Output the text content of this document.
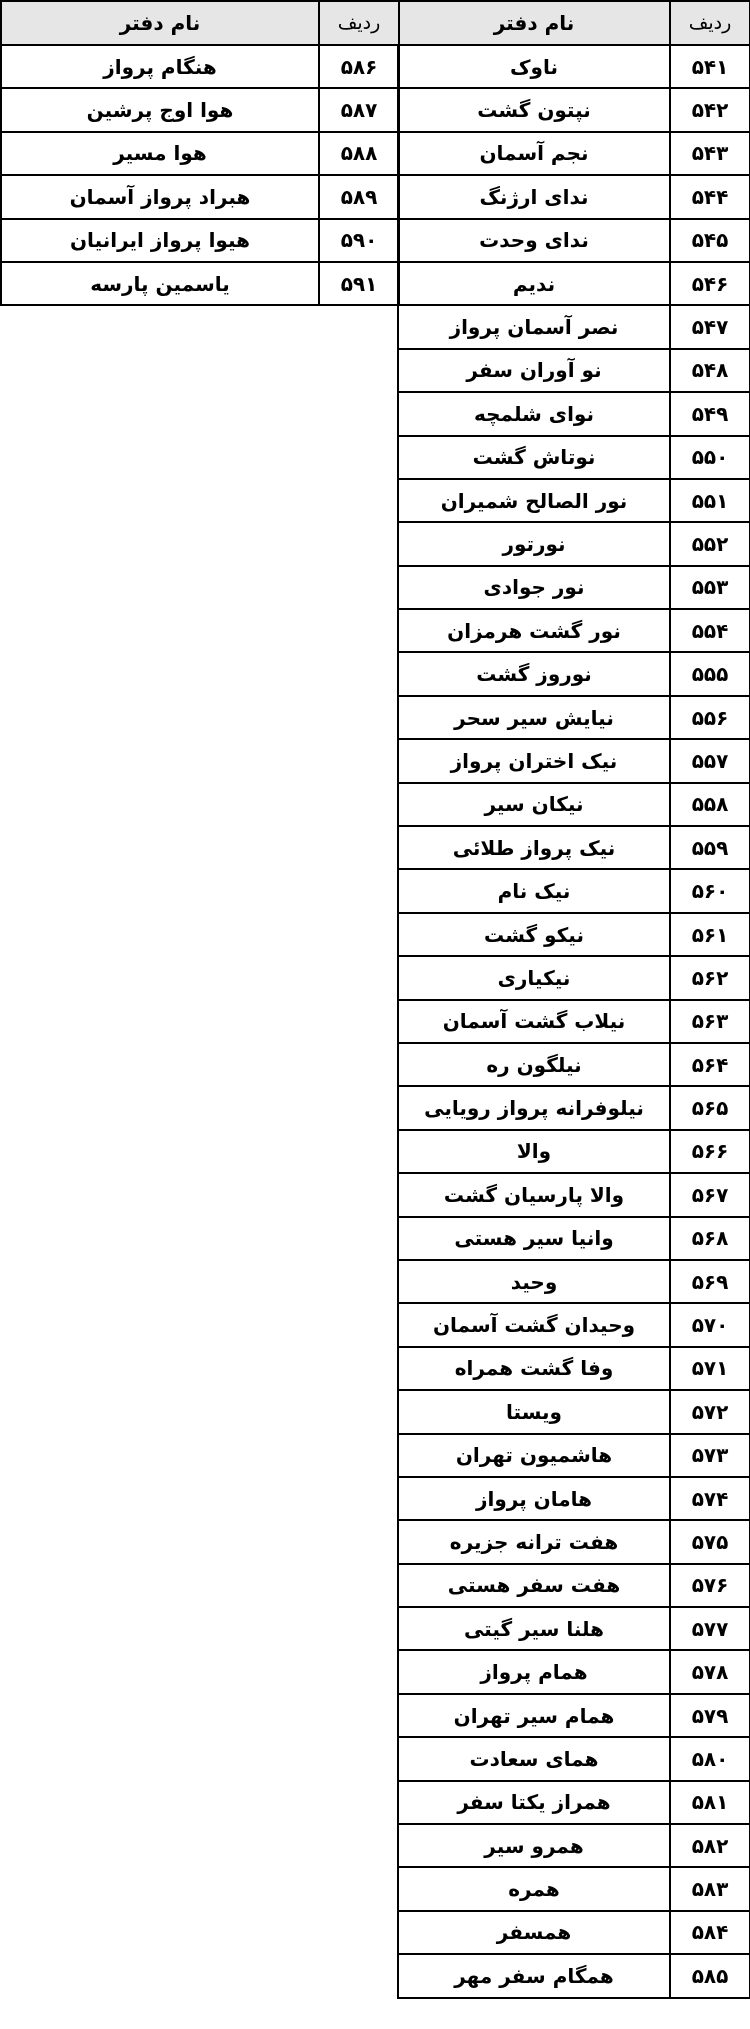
ردیف	نام دفتر
۵۴۱	ناوک
۵۴۲	نپتون گشت
۵۴۳	نجم آسمان
۵۴۴	ندای ارژنگ
۵۴۵	ندای وحدت
۵۴۶	ندیم
۵۴۷	نصر آسمان پرواز
۵۴۸	نو آوران سفر
۵۴۹	نوای شلمچه
۵۵۰	نوتاش گشت
۵۵۱	نور الصالح شمیران
۵۵۲	نورتور
۵۵۳	نور جوادی
۵۵۴	نور گشت هرمزان
۵۵۵	نوروز گشت
۵۵۶	نیایش سیر سحر
۵۵۷	نیک اختران پرواز
۵۵۸	نیکان سیر
۵۵۹	نیک پرواز طلائی
۵۶۰	نیک نام
۵۶۱	نیکو گشت
۵۶۲	نیکیاری
۵۶۳	نیلاب گشت آسمان
۵۶۴	نیلگون ره
۵۶۵	نیلوفرانه پرواز رویایی
۵۶۶	والا
۵۶۷	والا پارسیان گشت
۵۶۸	وانیا سیر هستی
۵۶۹	وحید
۵۷۰	وحیدان گشت آسمان
۵۷۱	وفا گشت همراه
۵۷۲	ویستا
۵۷۳	هاشمیون تهران
۵۷۴	هامان پرواز
۵۷۵	هفت ترانه جزیره
۵۷۶	هفت سفر هستی
۵۷۷	هلنا سیر گیتی
۵۷۸	همام پرواز
۵۷۹	همام سیر تهران
۵۸۰	همای سعادت
۵۸۱	همراز یکتا سفر
۵۸۲	همرو سیر
۵۸۳	همره
۵۸۴	همسفر
۵۸۵	همگام سفر مهر
ردیف	نام دفتر
۵۸۶	هنگام پرواز
۵۸۷	هوا اوج پرشین
۵۸۸	هوا مسیر
۵۸۹	هبراد پرواز آسمان
۵۹۰	هیوا پرواز ایرانیان
۵۹۱	یاسمین پارسه
